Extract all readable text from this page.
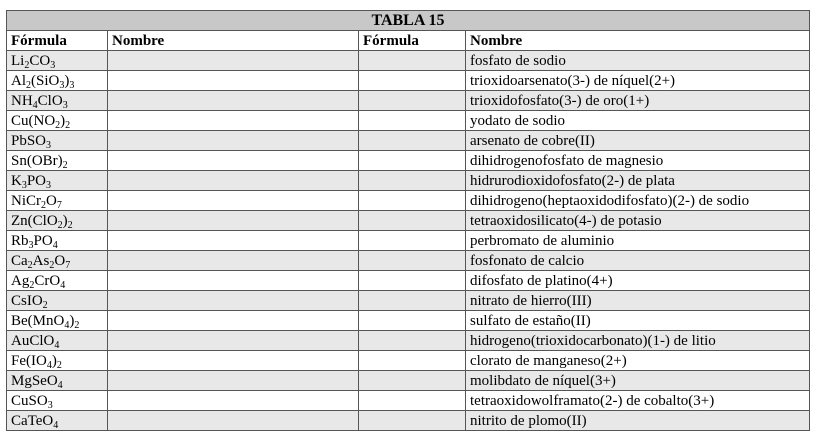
TABLA 15			
Fórmula	Nombre	Fórmula	Nombre
$Li_2CO_3$			fosfato de sodio
$Al_2(SiO_3)_3$			trioxidoarsenato(3-) de níquel(2+)
$NH_4ClO_3$			trioxidofosfato(3-) de oro(1+)
$Cu(NO_2)_2$			yodato de sodio
PbSO$_3$			arsenato de cobre(II)
$Sn(OBr)_2$			dihidrogenofosfato de magnesio
$K_3PO_3$			hidrurodioxidofosfato(2-) de plata
$NiCr_2O_7$			dihidrogeno(heptaoxidodifosfato)(2-) de sodio
$Zn(ClO_2)_2$			tetraoxidosilicato(4-) de potasio
$Rb_3PO_4$			perbromato de aluminio
$Ca_2As_2O_7$			fosfonato de calcio
$Ag_2CrO_4$			difosfato de platino(4+)
CsIO$_2$			nitrato de hierro(III)
$Be(MnO_4)_2$			sulfato de estaño(II)
AuClO$_4$			hidrogeno(trioxidocarbonato)(1-) de litio
$Fe(IO_4)_2$			clorato de manganeso(2+)
MgSeO$_4$			molibdato de níquel(3+)
CuSO$_3$			tetraoxidowolframato(2-) de cobalto(3+)
CaTeO$_4$			nitrito de plomo(II)
